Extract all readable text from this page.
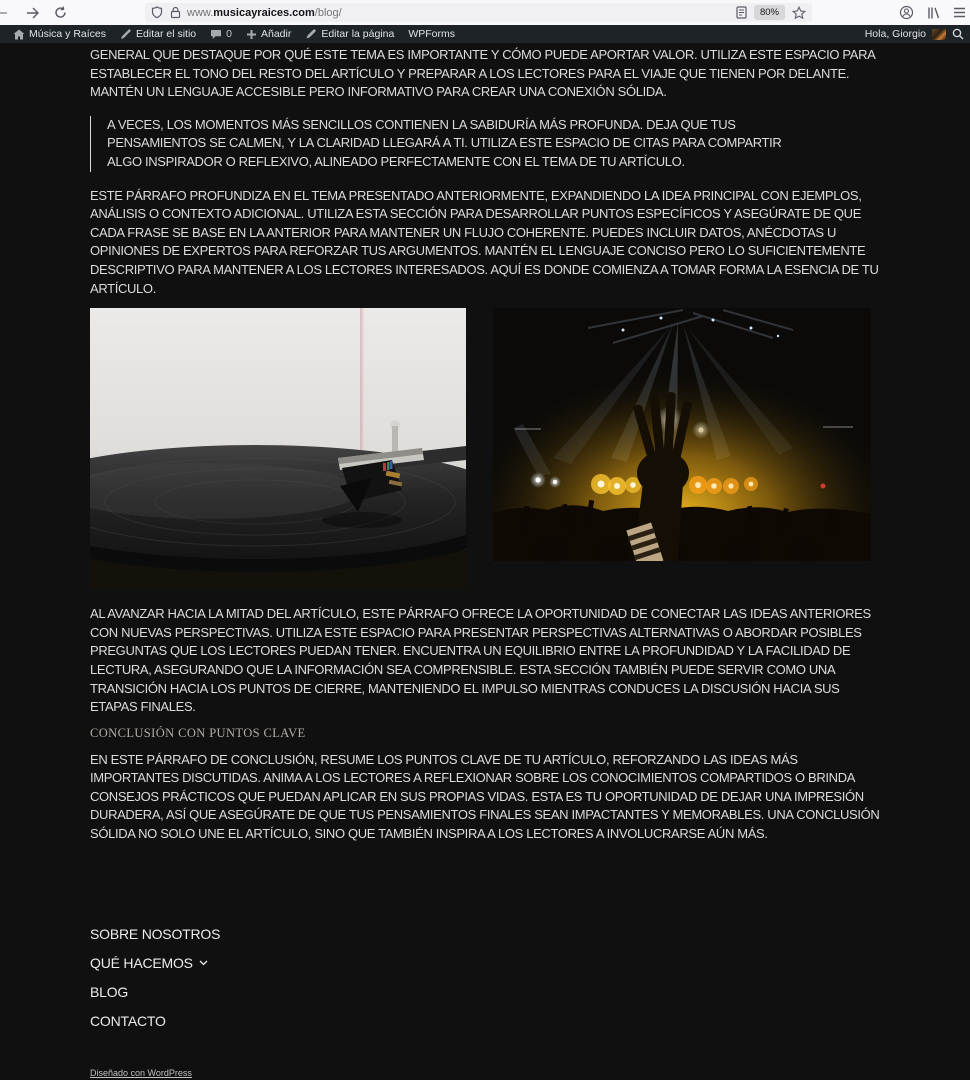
www.musicayraices.com/blog/	80%
Música y Raíces	Editar el sitio	0	Añadir	Editar la página WPForms	Hola, Giorgio

GENERAL QUE DESTAQUE POR QUÉ ESTE TEMA ES IMPORTANTE Y CÓMO PUEDE APORTAR VALOR. UTILIZA ESTE ESPACIO PARA ESTABLECER EL TONO DEL RESTO DEL ARTÍCULO Y PREPARAR A LOS LECTORES PARA EL VIAJE QUE TIENEN POR DELANTE. MANTÉN UN LENGUAJE ACCESIBLE PERO INFORMATIVO PARA CREAR UNA CONEXIÓN SÓLIDA.

A VECES, LOS MOMENTOS MÁS SENCILLOS CONTIENEN LA SABIDURÍA MÁS PROFUNDA. DEJA QUE TUS PENSAMIENTOS SE CALMEN, Y LA CLARIDAD LLEGARÁ A TI. UTILIZA ESTE ESPACIO DE CITAS PARA COMPARTIR ALGO INSPIRADOR O REFLEXIVO, ALINEADO PERFECTAMENTE CON EL TEMA DE TU ARTÍCULO.

ESTE PÁRRAFO PROFUNDIZA EN EL TEMA PRESENTADO ANTERIORMENTE, EXPANDIENDO LA IDEA PRINCIPAL CON EJEMPLOS, ANÁLISIS O CONTEXTO ADICIONAL. UTILIZA ESTA SECCIÓN PARA DESARROLLAR PUNTOS ESPECÍFICOS Y ASEGÚRATE DE QUE CADA FRASE SE BASE EN LA ANTERIOR PARA MANTENER UN FLUJO COHERENTE. PUEDES INCLUIR DATOS, ANÉCDOTAS U OPINIONES DE EXPERTOS PARA REFORZAR TUS ARGUMENTOS. MANTÉN EL LENGUAJE CONCISO PERO LO SUFICIENTEMENTE DESCRIPTIVO PARA MANTENER A LOS LECTORES INTERESADOS. AQUÍ ES DONDE COMIENZA A TOMAR FORMA LA ESENCIA DE TU ARTÍCULO.

AL AVANZAR HACIA LA MITAD DEL ARTÍCULO, ESTE PÁRRAFO OFRECE LA OPORTUNIDAD DE CONECTAR LAS IDEAS ANTERIORES CON NUEVAS PERSPECTIVAS. UTILIZA ESTE ESPACIO PARA PRESENTAR PERSPECTIVAS ALTERNATIVAS O ABORDAR POSIBLES PREGUNTAS QUE LOS LECTORES PUEDAN TENER. ENCUENTRA UN EQUILIBRIO ENTRE LA PROFUNDIDAD Y LA FACILIDAD DE LECTURA, ASEGURANDO QUE LA INFORMACIÓN SEA COMPRENSIBLE. ESTA SECCIÓN TAMBIÉN PUEDE SERVIR COMO UNA TRANSICIÓN HACIA LOS PUNTOS DE CIERRE, MANTENIENDO EL IMPULSO MIENTRAS CONDUCES LA DISCUSIÓN HACIA SUS ETAPAS FINALES.

CONCLUSIÓN CON PUNTOS CLAVE

EN ESTE PÁRRAFO DE CONCLUSIÓN, RESUME LOS PUNTOS CLAVE DE TU ARTÍCULO, REFORZANDO LAS IDEAS MÁS IMPORTANTES DISCUTIDAS. ANIMA A LOS LECTORES A REFLEXIONAR SOBRE LOS CONOCIMIENTOS COMPARTIDOS O BRINDA CONSEJOS PRÁCTICOS QUE PUEDAN APLICAR EN SUS PROPIAS VIDAS. ESTA ES TU OPORTUNIDAD DE DEJAR UNA IMPRESIÓN DURADERA, ASÍ QUE ASEGÚRATE DE QUE TUS PENSAMIENTOS FINALES SEAN IMPACTANTES Y MEMORABLES. UNA CONCLUSIÓN SÓLIDA NO SOLO UNE EL ARTÍCULO, SINO QUE TAMBIÉN INSPIRA A LOS LECTORES A INVOLUCRARSE AÚN MÁS.

SOBRE NOSOTROS
QUÉ HACEMOS
BLOG
CONTACTO
Diseñado con WordPress
